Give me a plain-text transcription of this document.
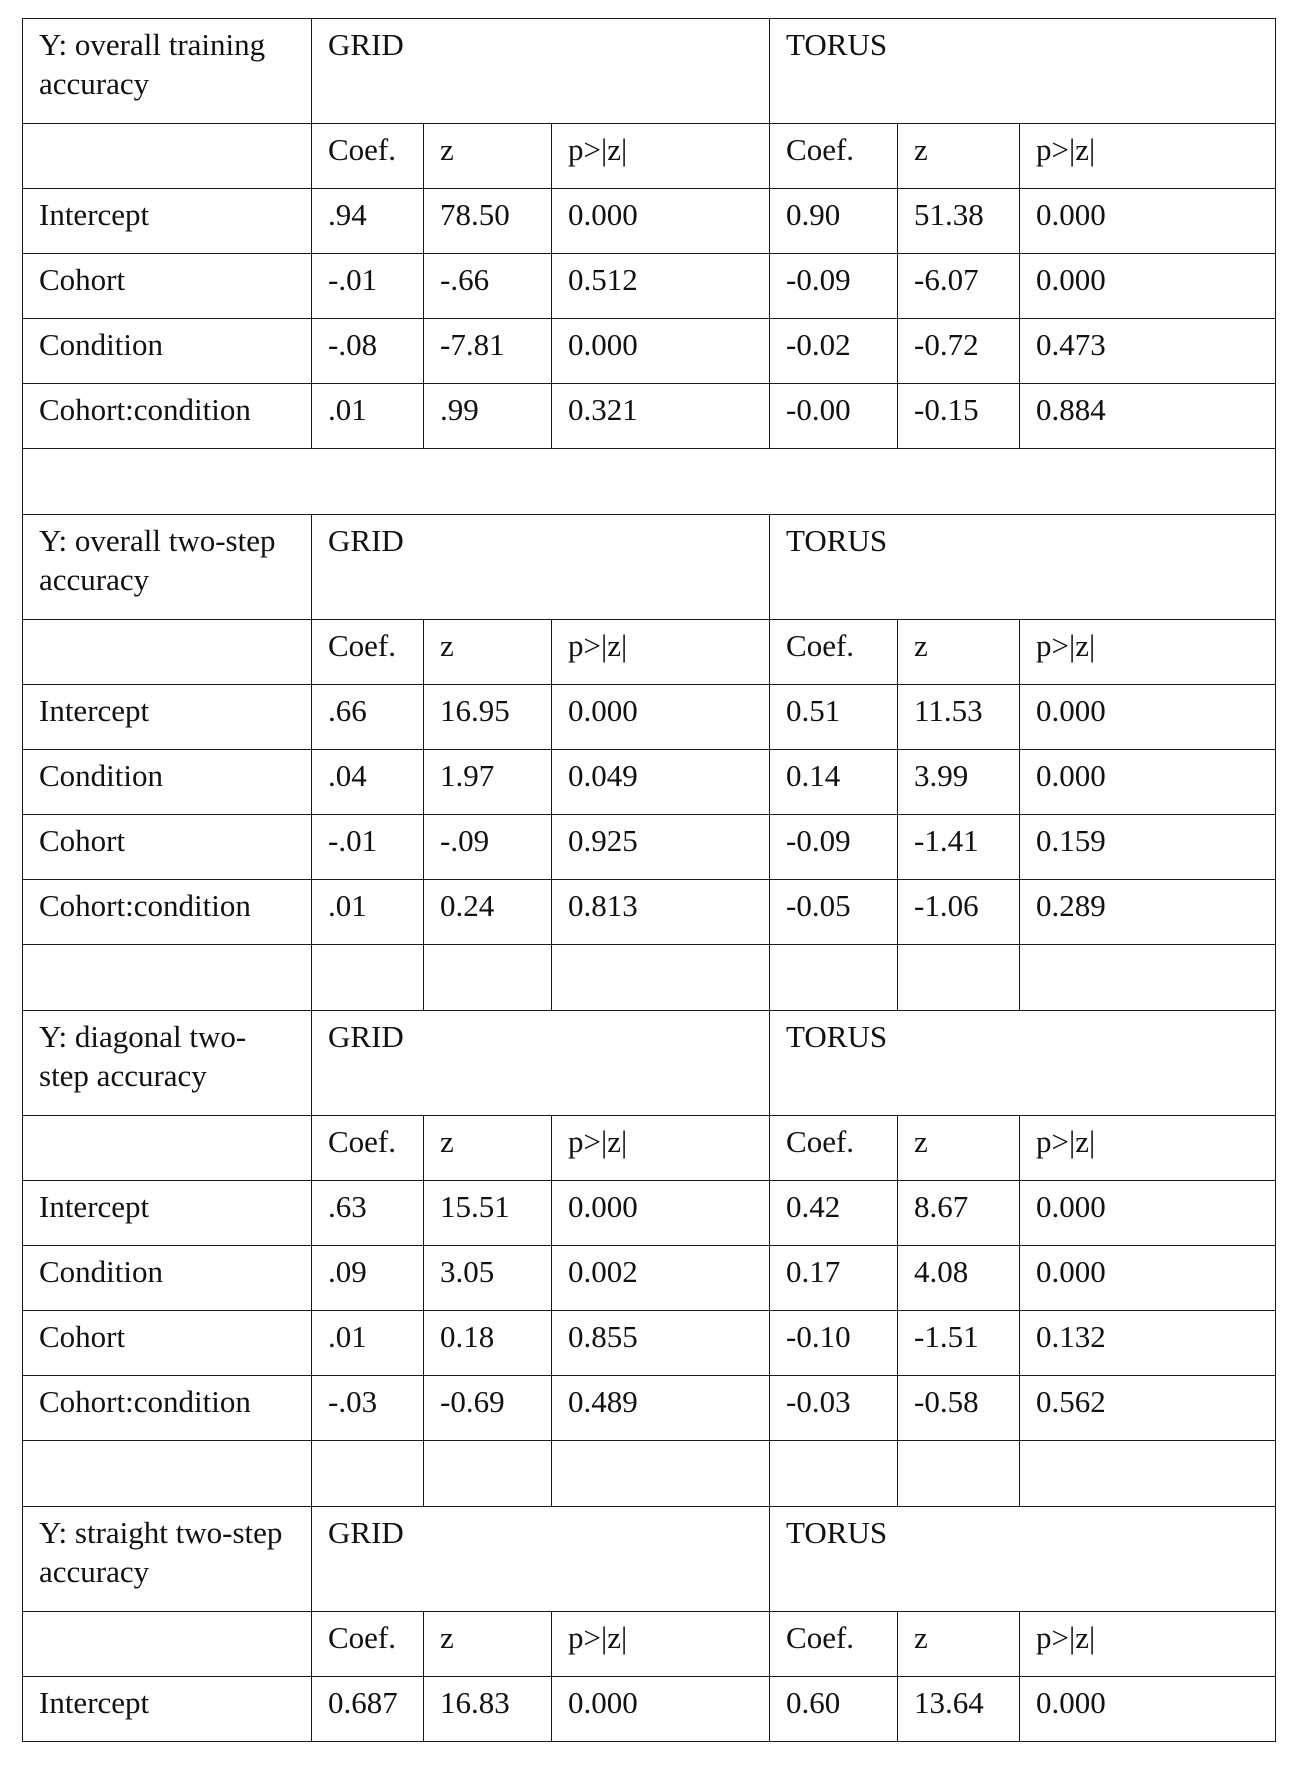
Y: overall training accuracy	GRID			TORUS		
	Coef.	z	p>|z|	Coef.	z	p>|z|
Intercept	.94	78.50	0.000	0.90	51.38	0.000
Cohort	-.01	-.66	0.512	-0.09	-6.07	0.000
Condition	-.08	-7.81	0.000	-0.02	-0.72	0.473
Cohort:condition	.01	.99	0.321	-0.00	-0.15	0.884

Y: overall two-step accuracy	GRID			TORUS		
	Coef.	z	p>|z|	Coef.	z	p>|z|
Intercept	.66	16.95	0.000	0.51	11.53	0.000
Condition	.04	1.97	0.049	0.14	3.99	0.000
Cohort	-.01	-.09	0.925	-0.09	-1.41	0.159
Cohort:condition	.01	0.24	0.813	-0.05	-1.06	0.289

Y: diagonal two-step accuracy	GRID			TORUS		
	Coef.	z	p>|z|	Coef.	z	p>|z|
Intercept	.63	15.51	0.000	0.42	8.67	0.000
Condition	.09	3.05	0.002	0.17	4.08	0.000
Cohort	.01	0.18	0.855	-0.10	-1.51	0.132
Cohort:condition	-.03	-0.69	0.489	-0.03	-0.58	0.562

Y: straight two-step accuracy	GRID			TORUS		
	Coef.	z	p>|z|	Coef.	z	p>|z|
Intercept	0.687	16.83	0.000	0.60	13.64	0.000
